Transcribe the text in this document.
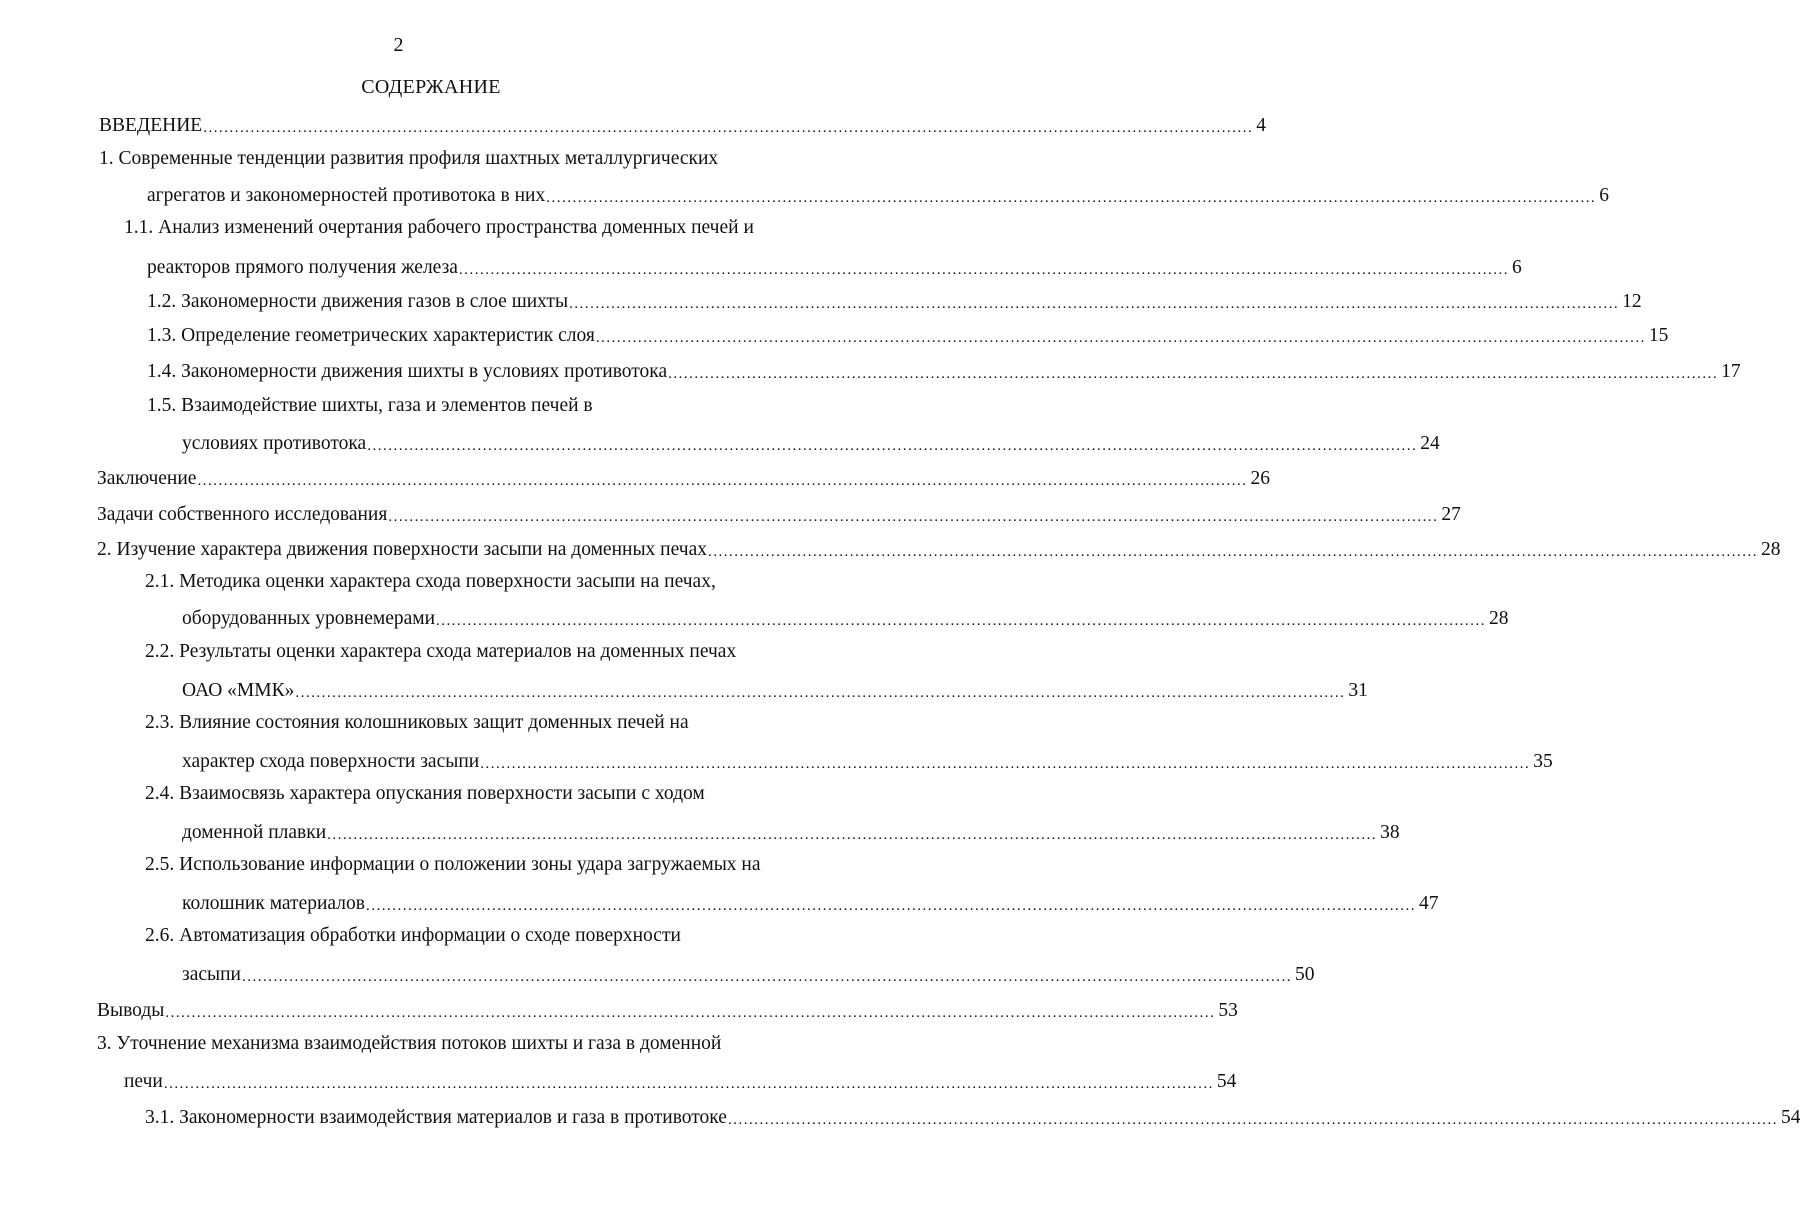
2
СОДЕРЖАНИЕ
ВВЕДЕНИЕ ........................................................................................................................................................................................................ 4
1. Современные тенденции развития профиля шахтных металлургических
агрегатов и закономерностей противотока в них ........................................................................................................................................................................................................ 6
1.1. Анализ изменений очертания рабочего пространства доменных печей и
реакторов прямого получения железа ........................................................................................................................................................................................................ 6
1.2. Закономерности движения газов в слое шихты ........................................................................................................................................................................................................ 12
1.3. Определение геометрических характеристик слоя ........................................................................................................................................................................................................ 15
1.4. Закономерности движения шихты в условиях противотока ........................................................................................................................................................................................................ 17
1.5. Взаимодействие шихты, газа и элементов печей в
условиях противотока ........................................................................................................................................................................................................ 24
Заключение ........................................................................................................................................................................................................ 26
Задачи собственного исследования ........................................................................................................................................................................................................ 27
2. Изучение характера движения поверхности засыпи на доменных печах ........................................................................................................................................................................................................ 28
2.1. Методика оценки характера схода поверхности засыпи на печах,
оборудованных уровнемерами ........................................................................................................................................................................................................ 28
2.2. Результаты оценки характера схода материалов на доменных печах
ОАО «ММК» ........................................................................................................................................................................................................ 31
2.3. Влияние состояния колошниковых защит доменных печей на
характер схода поверхности засыпи ........................................................................................................................................................................................................ 35
2.4. Взаимосвязь характера опускания поверхности засыпи с ходом
доменной плавки ........................................................................................................................................................................................................ 38
2.5. Использование информации о положении зоны удара загружаемых на
колошник материалов ........................................................................................................................................................................................................ 47
2.6. Автоматизация обработки информации о сходе поверхности
засыпи ........................................................................................................................................................................................................ 50
Выводы ........................................................................................................................................................................................................ 53
3. Уточнение механизма взаимодействия потоков шихты и газа в доменной
печи ........................................................................................................................................................................................................ 54
3.1. Закономерности взаимодействия материалов и газа в противотоке ........................................................................................................................................................................................................ 54
